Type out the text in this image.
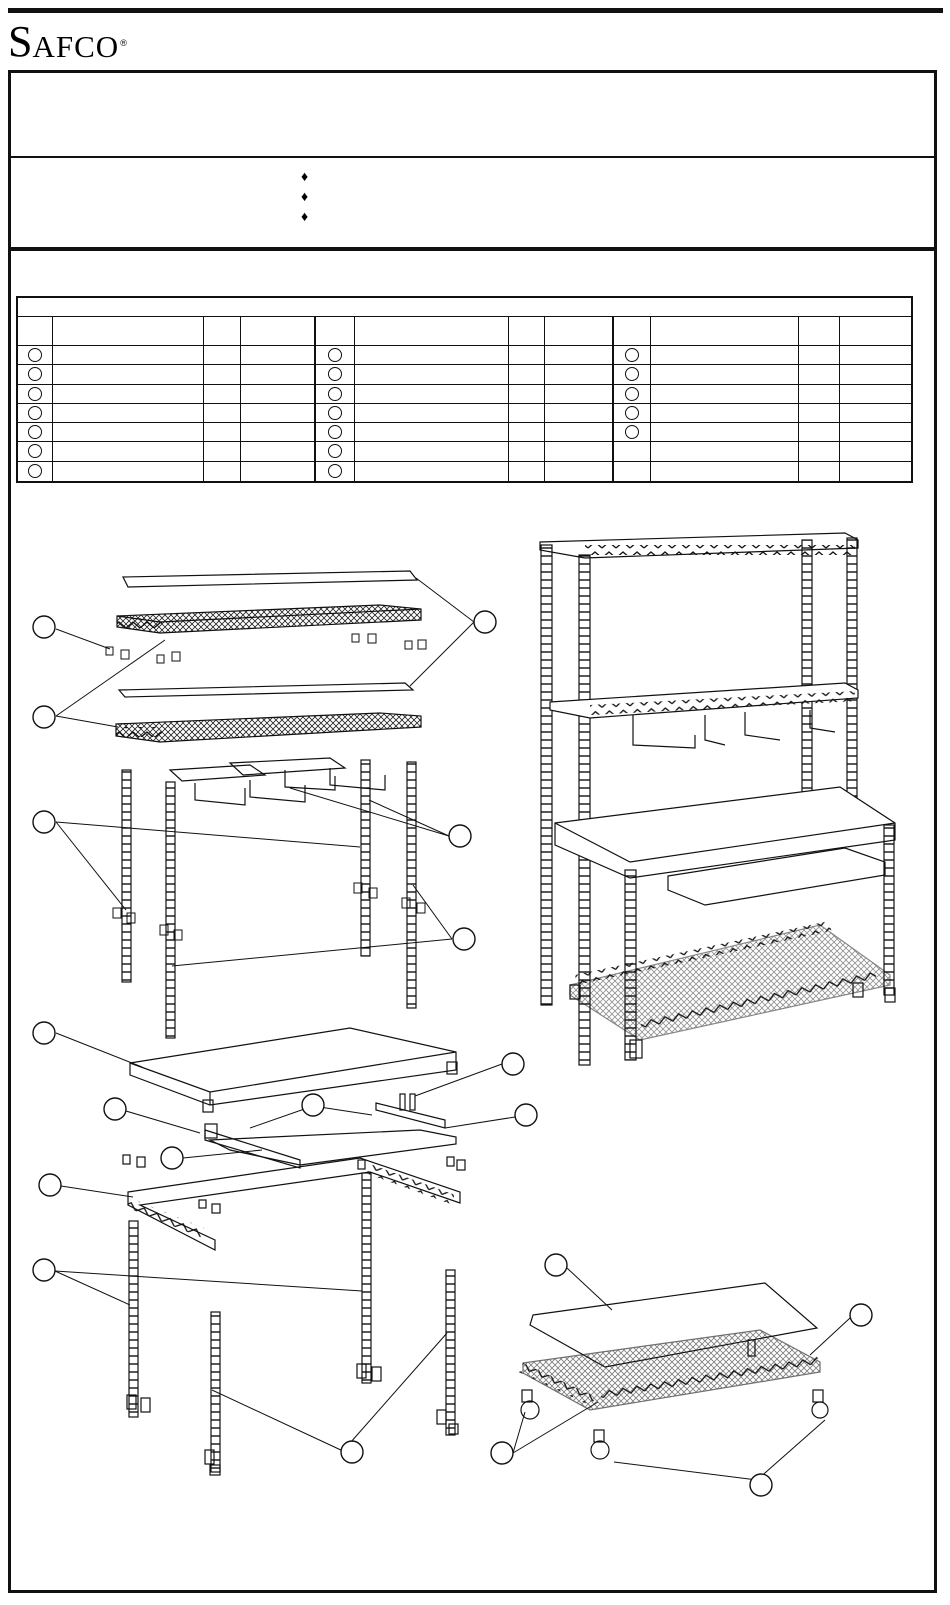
S AFCO ®
♦
♦
♦
